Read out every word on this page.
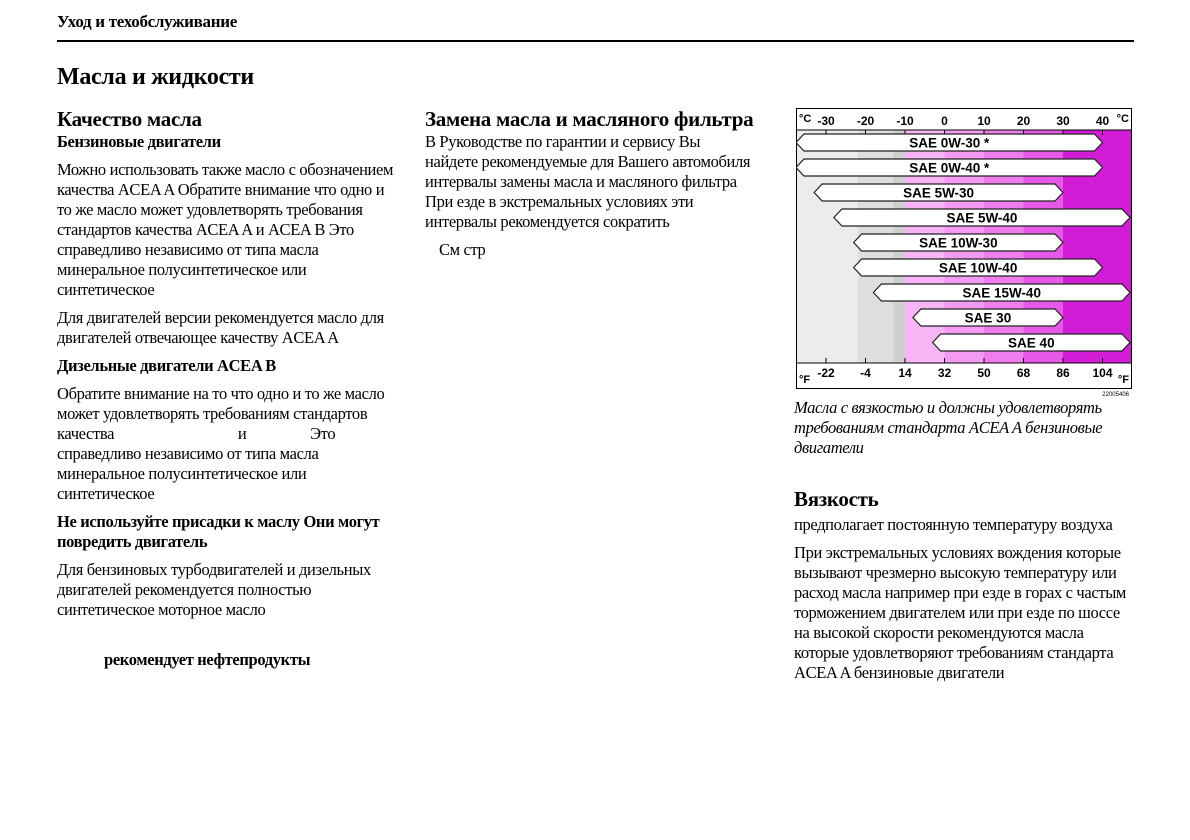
Уход и техобслуживание
Масла и жидкости
Качество масла
Бензиновые двигатели

Можно использовать также масло с обозначением качества ACEA A Обратите внимание что одно и то же масло может удовлетворять требования стандартов качества ACEA A и ACEA B Это справедливо независимо от типа масла минеральное полусинтетическое или синтетическое

Для двигателей версии рекомендуется масло для двигателей отвечающее качеству ACEA A

Дизельные двигатели ACEA B

Обратите внимание на то что одно и то же масло может удовлетворять требованиям стандартов качества	и	Это справедливо независимо от типа масла минеральное полусинтетическое или синтетическое

Не используйте присадки к маслу Они могут повредить двигатель

Для бензиновых турбодвигателей и дизельных двигателей рекомендуется полностью синтетическое моторное масло

рекомендует нефтепродукты

Замена масла и масляного фильтра

В Руководстве по гарантии и сервису Вы найдете рекомендуемые для Вашего автомобиля интервалы замены масла и масляного фильтра

При езде в экстремальных условиях эти интервалы рекомендуется сократить

См стр

-30 -20 -10 0 10 20 30 40
-22 -4 14 32 50 68 86 104
°C	°C
°F	°F
SAE 0W-30 *
SAE 0W-40 *
SAE 5W-30
SAE 5W-40
SAE 10W-30
SAE 10W-40
SAE 15W-40
SAE 30
SAE 40
22005406
Масла с вязкостью и должны удовлетворять требованиям стандарта ACEA A бензиновые двигатели
Вязкость

предполагает постоянную температуру воздуха

При экстремальных условиях вождения которые вызывают чрезмерно высокую температуру или расход масла например при езде в горах с частым торможением двигателем или при езде по шоссе на высокой скорости рекомендуются масла которые удовлетворяют требованиям стандарта ACEA A бензиновые двигатели
